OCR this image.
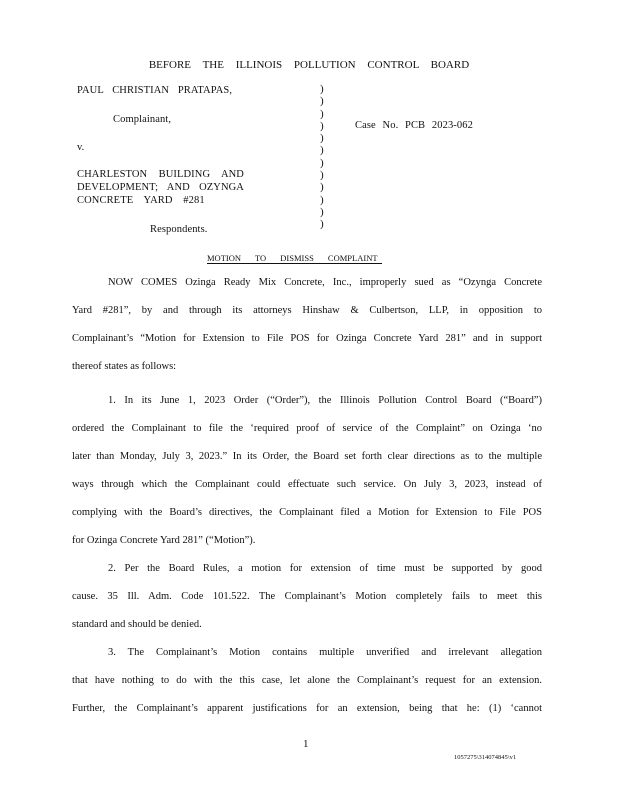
BEFORE THE ILLINOIS POLLUTION CONTROL BOARD
PAUL CHRISTIAN PRATAPAS,
Complainant,
v.
CHARLESTON BUILDING AND
DEVELOPMENT; AND OZYNGA
CONCRETE YARD #281
Respondents.
)
)
)
)
)
)
)
)
)
)
)
)
Case No. PCB 2023-062
MOTION TO DISMISS COMPLAINT
NOW COMES Ozinga Ready Mix Concrete, Inc., improperly sued as “Ozynga Concrete
Yard #281”, by and through its attorneys Hinshaw & Culbertson, LLP, in opposition to
Complainant’s “Motion for Extension to File POS for Ozinga Concrete Yard 281” and in support
thereof states as follows:
1. In its June 1, 2023 Order (“Order”), the Illinois Pollution Control Board (“Board”)
ordered the Complainant to file the ‘required proof of service of the Complaint” on Ozinga ‘no
later than Monday, July 3, 2023.” In its Order, the Board set forth clear directions as to the multiple
ways through which the Complainant could effectuate such service. On July 3, 2023, instead of
complying with the Board’s directives, the Complainant filed a Motion for Extension to File POS
for Ozinga Concrete Yard 281” (“Motion”).
2. Per the Board Rules, a motion for extension of time must be supported by good
cause. 35 Ill. Adm. Code 101.522. The Complainant’s Motion completely fails to meet this
standard and should be denied.
3. The Complainant’s Motion contains multiple unverified and irrelevant allegation
that have nothing to do with the this case, let alone the Complainant’s request for an extension.
Further, the Complainant’s apparent justifications for an extension, being that he: (1) ‘cannot
1
1057275\314074845\v1
